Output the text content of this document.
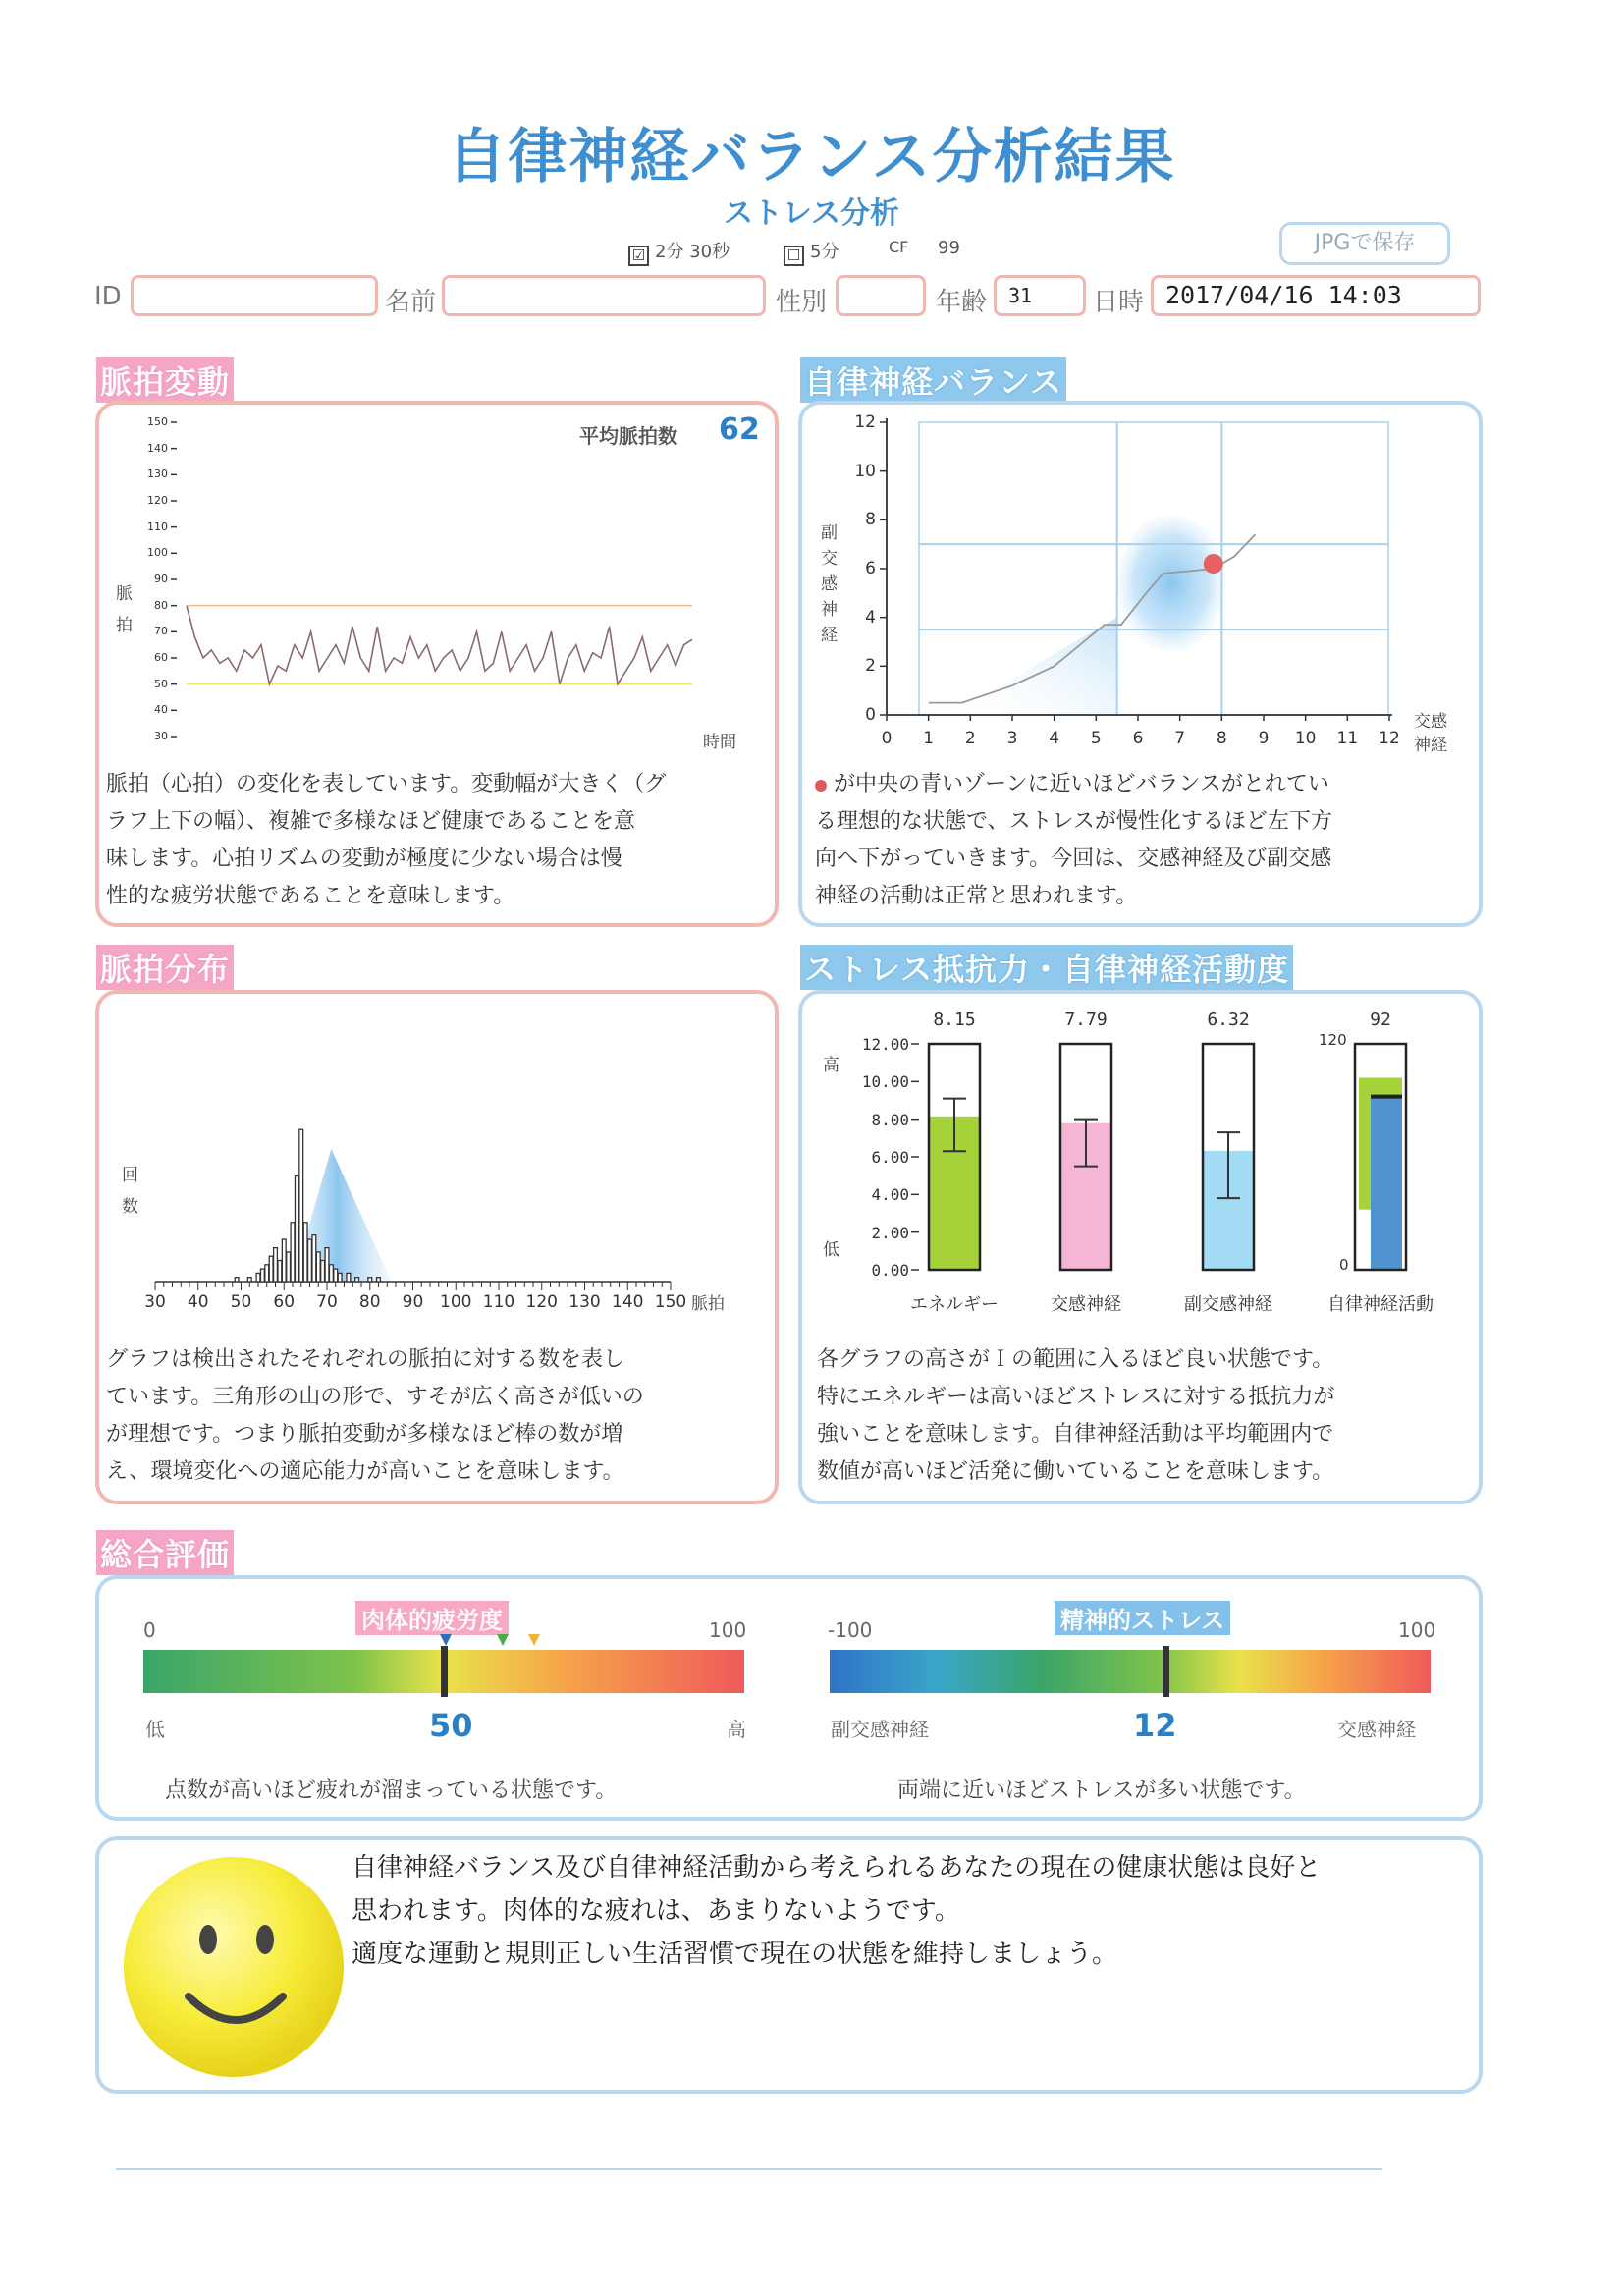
自律神経バランス分析結果
ストレス分析
☑ 2分 30秒	☐ 5分	CF 99	JPGで保存
ID	名前	性別	年齢	31	日時 2017/04/16 14:03
脈拍変動	自律神経バランス
脈拍分布	ストレス抵抗力・自律神経活動度
総合評価
平均脈拍数 62
脈
拍
時間
150
140
130
120
110
100
90
80
70
60
50
40
30
脈拍（心拍）の変化を表しています。変動幅が大きく（グ
ラフ上下の幅）、複雑で多様なほど健康であることを意
味します。心拍リズムの変動が極度に少ない場合は慢
性的な疲労状態であることを意味します。
副
交
感
神
経
交感
神経
0	1	2	3	4	5	6	7	8	9	10 11 12
12
10
8
6
4
2
0
が中央の青いゾーンに近いほどバランスがとれてい
る理想的な状態で、ストレスが慢性化するほど左下方
向へ下がっていきます。今回は、交感神経及び副交感
神経の活動は正常と思われます。
回
数
脈拍
30	40	50	60	70	80	90 100 110 120 130 140 150
グラフは検出されたそれぞれの脈拍に対する数を表し
ています。三角形の山の形で、すそが広く高さが低いの
が理想です。つまり脈拍変動が多様なほど棒の数が増
え、環境変化への適応能力が高いことを意味します。
高
低
120
0
12.00
10.00
8.00
6.00
4.00
2.00
0.00
8.15
エネルギー
7.79
交感神経
6.32
副交感神経
92
自律神経活動
各グラフの高さがＩの範囲に入るほど良い状態です。
特にエネルギーは高いほどストレスに対する抵抗力が
強いことを意味します。自律神経活動は平均範囲内で
数値が高いほど活発に働いていることを意味します。
肉体的疲労度	精神的ストレス
0	100	-100	100
低	高
50	副交感神経	交感神経
12
点数が高いほど疲れが溜まっている状態です。	両端に近いほどストレスが多い状態です。
自律神経バランス及び自律神経活動から考えられるあなたの現在の健康状態は良好と
思われます。肉体的な疲れは、あまりないようです。
適度な運動と規則正しい生活習慣で現在の状態を維持しましょう。
